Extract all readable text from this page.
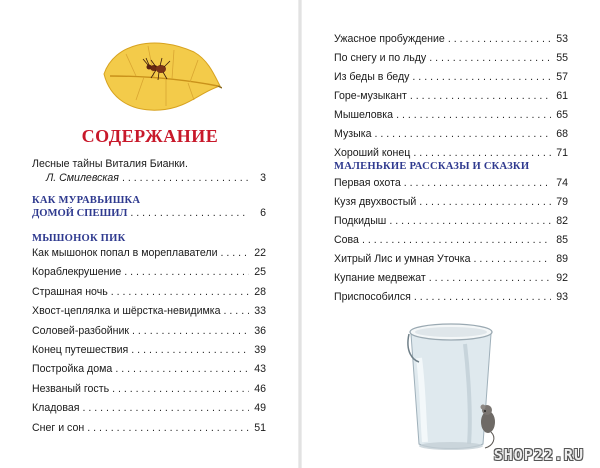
СОДЕРЖАНИЕ
Лесные тайны Виталия Бианки.
Л. Смилевская . . .	3
КАК МУРАВЬИШКА
ДОМОЙ СПЕШИЛ . . .	6
МЫШОНОК ПИК
Как мышонок попал в мореплаватели . . .	22
Кораблекрушение . . .	25
Страшная ночь . . .	28
Хвост-цеплялка и шёрстка-невидимка . . .	33
Соловей-разбойник . . .	36
Конец путешествия . . .	39
Постройка дома . . .	43
Незваный гость . . .	46
Кладовая . . .	49
Снег и сон . . .	51
Ужасное пробуждение . . .	53
По снегу и по льду . . .	55
Из беды в беду . . .	57
Горе-музыкант . . .	61
Мышеловка . . .	65
Музыка . . .	68
Хороший конец . . .	71
МАЛЕНЬКИЕ РАССКАЗЫ И СКАЗКИ
Первая охота . . .	74
Кузя двухвостый . . .	79
Подкидыш . . .	82
Сова . . .	85
Хитрый Лис и умная Уточка . . .	89
Купание медвежат . . .	92
Приспособился . . .	93
SHOP22.RU
